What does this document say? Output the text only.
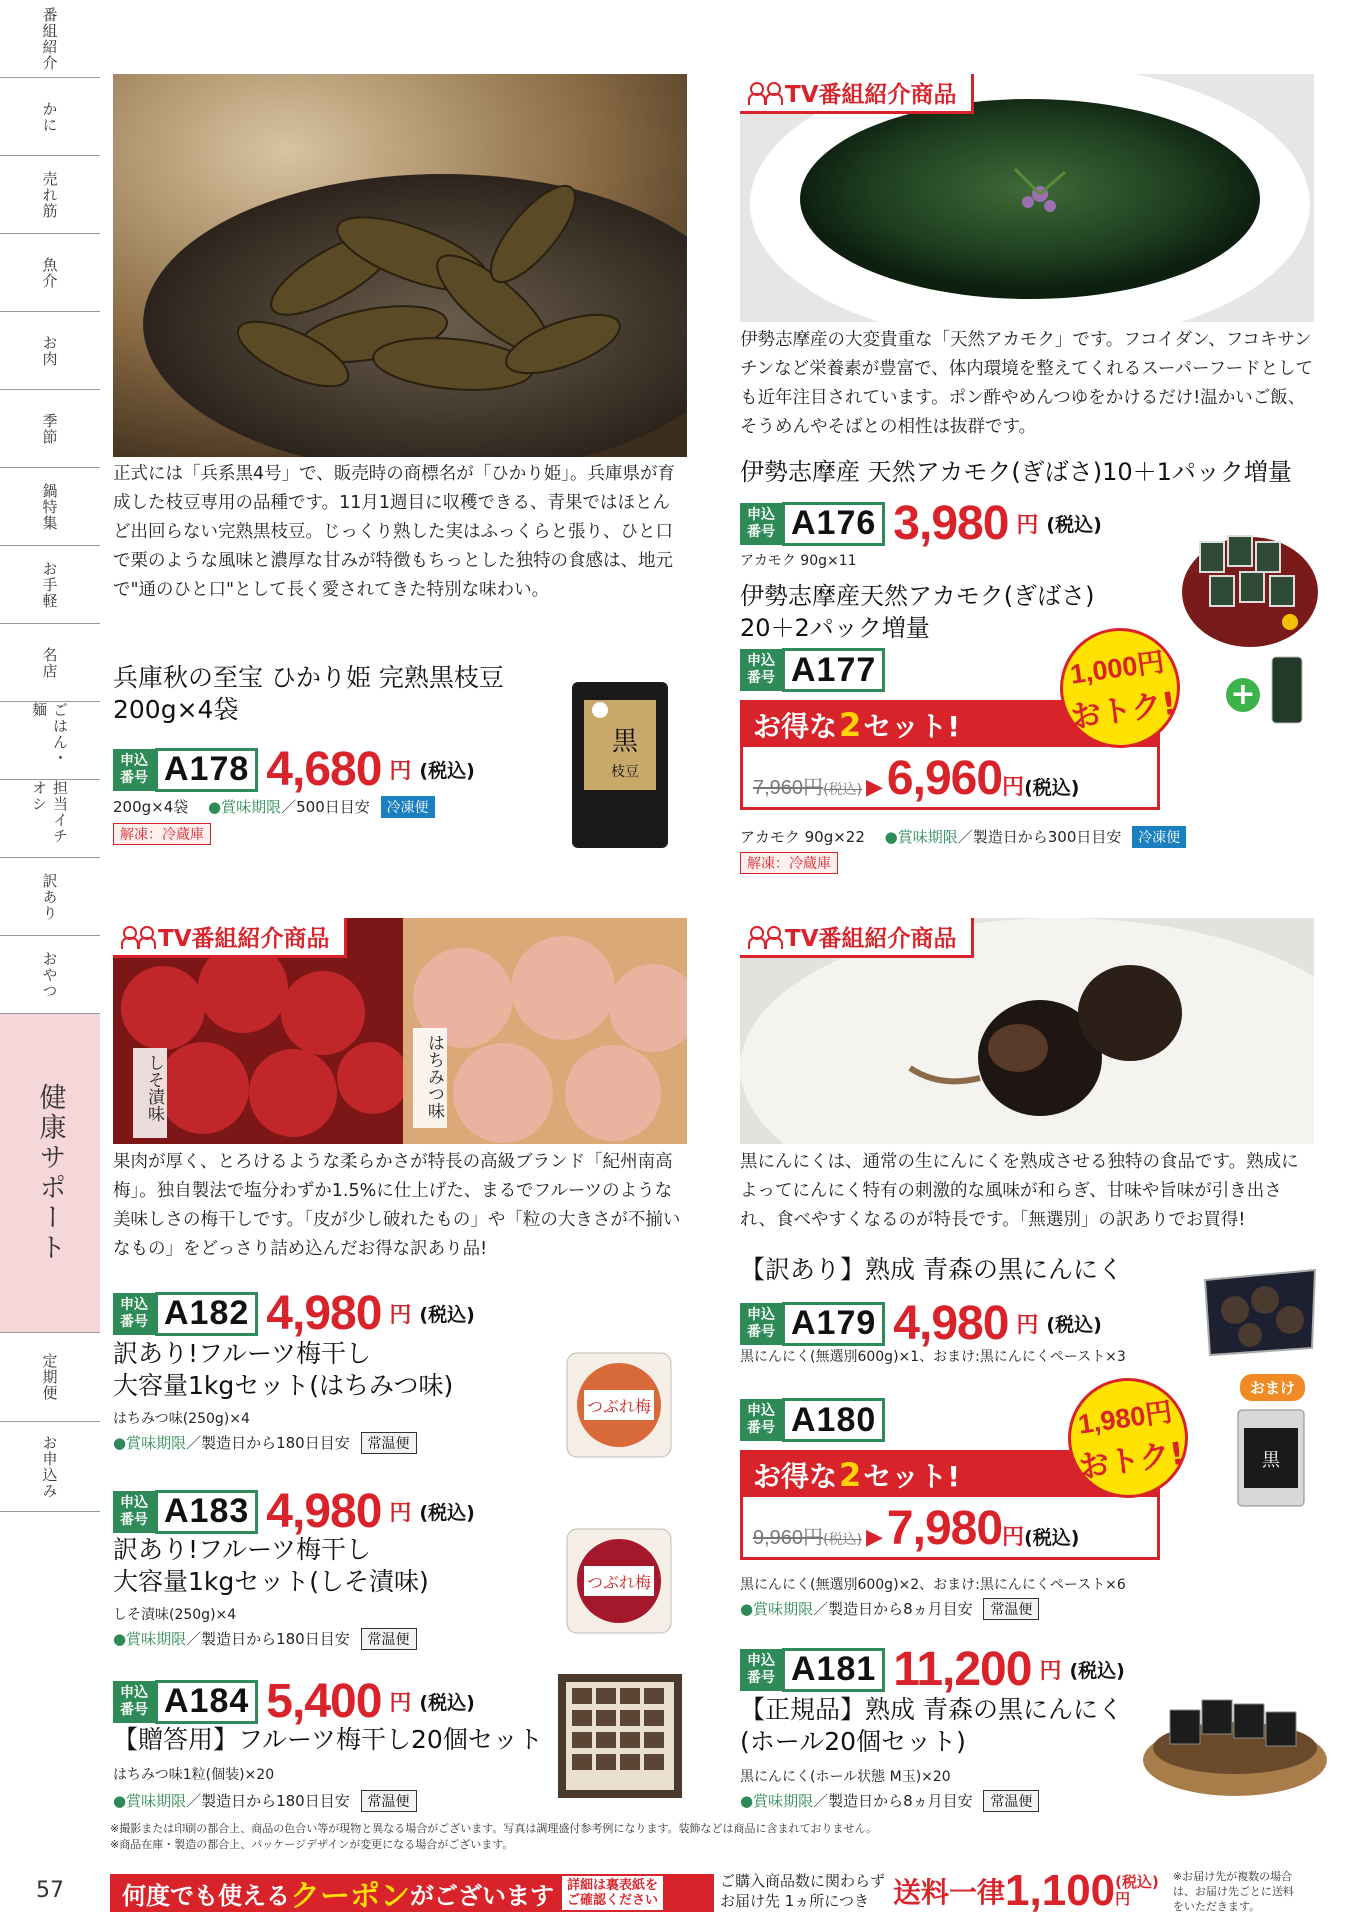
番組紹介
かに
売れ筋
魚介
お肉
季節
鍋特集
お手軽
名店
ごはん・麺
担当イチオシ
訳あり
おやつ
健康サポート
定期便
お申込み
57
正式には「兵系黒4号」で、販売時の商標名が「ひかり姫」。兵庫県が育成した枝豆専用の品種です。11月1週目に収穫できる、青果ではほとんど出回らない完熟黒枝豆。じっくり熟した実はふっくらと張り、ひと口で栗のような風味と濃厚な甘みが特徴もちっとした独特の食感は、地元で"通のひと口"として長く愛されてきた特別な味わい。
兵庫秋の至宝 ひかり姫 完熟黒枝豆
200g×4袋
申込
番号 A178 4,680 円 (税込)
200g×4袋　 ●賞味期限／500日目安 冷凍便
解凍：冷蔵庫
黒
枝豆
TV番組紹介商品
伊勢志摩産の大変貴重な「天然アカモク」です。フコイダン、フコキサンチンなど栄養素が豊富で、体内環境を整えてくれるスーパーフードとしても近年注目されています。ポン酢やめんつゆをかけるだけ!温かいご飯、そうめんやそばとの相性は抜群です。
伊勢志摩産 天然アカモク(ぎばさ)10＋1パック増量
申込
番号 A176 3,980 円 (税込)
アカモク 90g×11
伊勢志摩産天然アカモク(ぎばさ)
20＋2パック増量
申込
番号 A177
お得な 2 セット!
7,960円 (税込) ▶ 6,960 円 (税込)
1,000円
おトク! +
アカモク 90g×22　 ●賞味期限／製造日から300日目安 冷凍便
解凍：冷蔵庫
しそ漬味	はちみつ味
TV番組紹介商品
果肉が厚く、とろけるような柔らかさが特長の高級ブランド「紀州南高梅」。独自製法で塩分わずか1.5%に仕上げた、まるでフルーツのような美味しさの梅干しです。「皮が少し破れたもの」や「粒の大きさが不揃いなもの」をどっさり詰め込んだお得な訳あり品!
申込
番号 A182 4,980 円 (税込)
訳あり!フルーツ梅干し
大容量1kgセット(はちみつ味)
はちみつ味(250g)×4
●賞味期限／製造日から180日目安 常温便
つぶれ梅
申込
番号 A183 4,980 円 (税込)
訳あり!フルーツ梅干し
大容量1kgセット(しそ漬味)
しそ漬味(250g)×4
●賞味期限／製造日から180日目安 常温便
つぶれ梅
申込
番号 A184 5,400 円 (税込)
【贈答用】フルーツ梅干し20個セット
はちみつ味1粒(個装)×20
●賞味期限／製造日から180日目安 常温便
TV番組紹介商品
黒にんにくは、通常の生にんにくを熟成させる独特の食品です。熟成によってにんにく特有の刺激的な風味が和らぎ、甘味や旨味が引き出され、食べやすくなるのが特長です。「無選別」の訳ありでお買得!
【訳あり】熟成 青森の黒にんにく
申込
番号 A179 4,980 円 (税込)
黒にんにく(無選別600g)×1、おまけ:黒にんにくペースト×3
おまけ
黒
申込
番号 A180
お得な 2 セット!
9,960円 (税込) ▶ 7,980 円 (税込)
1,980円
おトク!
黒にんにく(無選別600g)×2、おまけ:黒にんにくペースト×6
●賞味期限／製造日から8ヵ月目安 常温便
申込
番号 A181 11,200 円 (税込)
【正規品】熟成 青森の黒にんにく
(ホール20個セット)
黒にんにく(ホール状態 M玉)×20
●賞味期限／製造日から8ヵ月目安 常温便
※撮影または印刷の都合上、商品の色合い等が現物と異なる場合がございます。写真は調理盛付参考例になります。装飾などは商品に含まれておりません。
※商品在庫・製造の都合上、パッケージデザインが変更になる場合がございます。
何度でも使える クーポン がございます	詳細は裏表紙を
ご確認ください
ご購入商品数に関わらず
お届け先 1ヵ所につき 送料一律 1,100 (税込)
円
※お届け先が複数の場合
は、お届け先ごとに送料
をいただきます。
